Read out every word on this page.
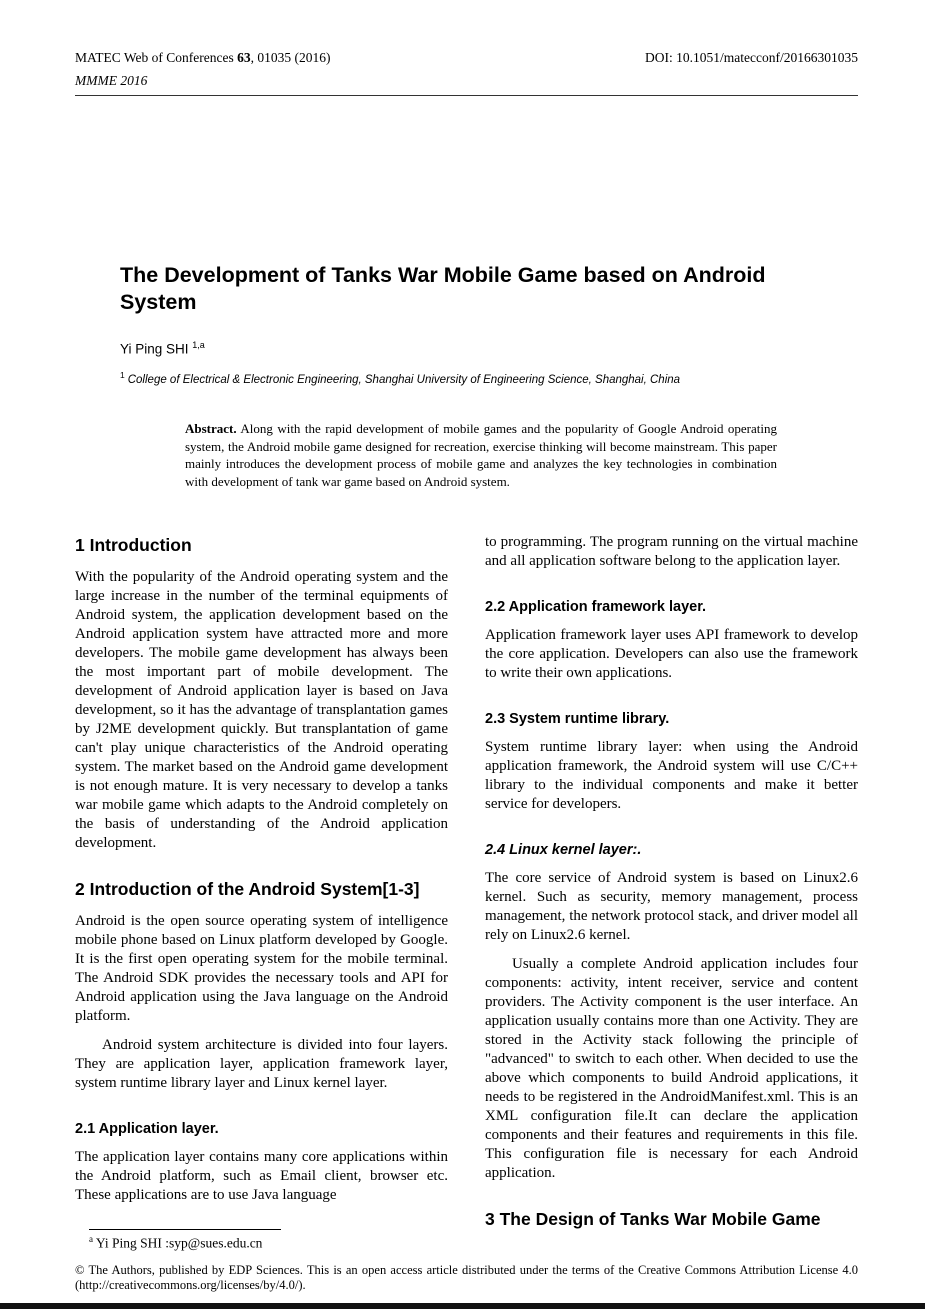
MATEC Web of Conferences 63, 01035 (2016)	DOI: 10.1051/matecconf/20166301035
MMME 2016
The Development of Tanks War Mobile Game based on Android System
Yi Ping SHI $^{1,a}$
$^1$ College of Electrical & Electronic Engineering, Shanghai University of Engineering Science, Shanghai, China

Abstract. Along with the rapid development of mobile games and the popularity of Google Android operating system, the Android mobile game designed for recreation, exercise thinking will become mainstream. This paper mainly introduces the development process of mobile game and analyzes the key technologies in combination with development of tank war game based on Android system.

1 Introduction

With the popularity of the Android operating system and the large increase in the number of the terminal equipments of Android system, the application development based on the Android application system have attracted more and more developers. The mobile game development has always been the most important part of mobile development. The development of Android application layer is based on Java development, so it has the advantage of transplantation games by J2ME development quickly. But transplantation of game can't play unique characteristics of the Android operating system. The market based on the Android game development is not enough mature. It is very necessary to develop a tanks war mobile game which adapts to the Android completely on the basis of understanding of the Android application development.

2 Introduction of the Android System[1-3]

Android is the open source operating system of intelligence mobile phone based on Linux platform developed by Google. It is the first open operating system for the mobile terminal. The Android SDK provides the necessary tools and API for Android application using the Java language on the Android platform.

Android system architecture is divided into four layers. They are application layer, application framework layer, system runtime library layer and Linux kernel layer.

2.1 Application layer.

The application layer contains many core applications within the Android platform, such as Email client, browser etc. These applications are to use Java language

$^a$ Yi Ping SHI :syp@sues.edu.cn

to programming. The program running on the virtual machine and all application software belong to the application layer.

2.2 Application framework layer.

Application framework layer uses API framework to develop the core application. Developers can also use the framework to write their own applications.

2.3 System runtime library.

System runtime library layer: when using the Android application framework, the Android system will use C/C++ library to the individual components and make it better service for developers.

2.4 Linux kernel layer:.

The core service of Android system is based on Linux2.6 kernel. Such as security, memory management, process management, the network protocol stack, and driver model all rely on Linux2.6 kernel.

Usually a complete Android application includes four components: activity, intent receiver, service and content providers. The Activity component is the user interface. An application usually contains more than one Activity. They are stored in the Activity stack following the principle of "advanced" to switch to each other. When decided to use the above which components to build Android applications, it needs to be registered in the AndroidManifest.xml. This is an XML configuration file.It can declare the application components and their features and requirements in this file. This configuration file is necessary for each Android application.

3 The Design of Tanks War Mobile Game
© The Authors, published by EDP Sciences. This is an open access article distributed under the terms of the Creative Commons Attribution License 4.0 (http://creativecommons.org/licenses/by/4.0/).
